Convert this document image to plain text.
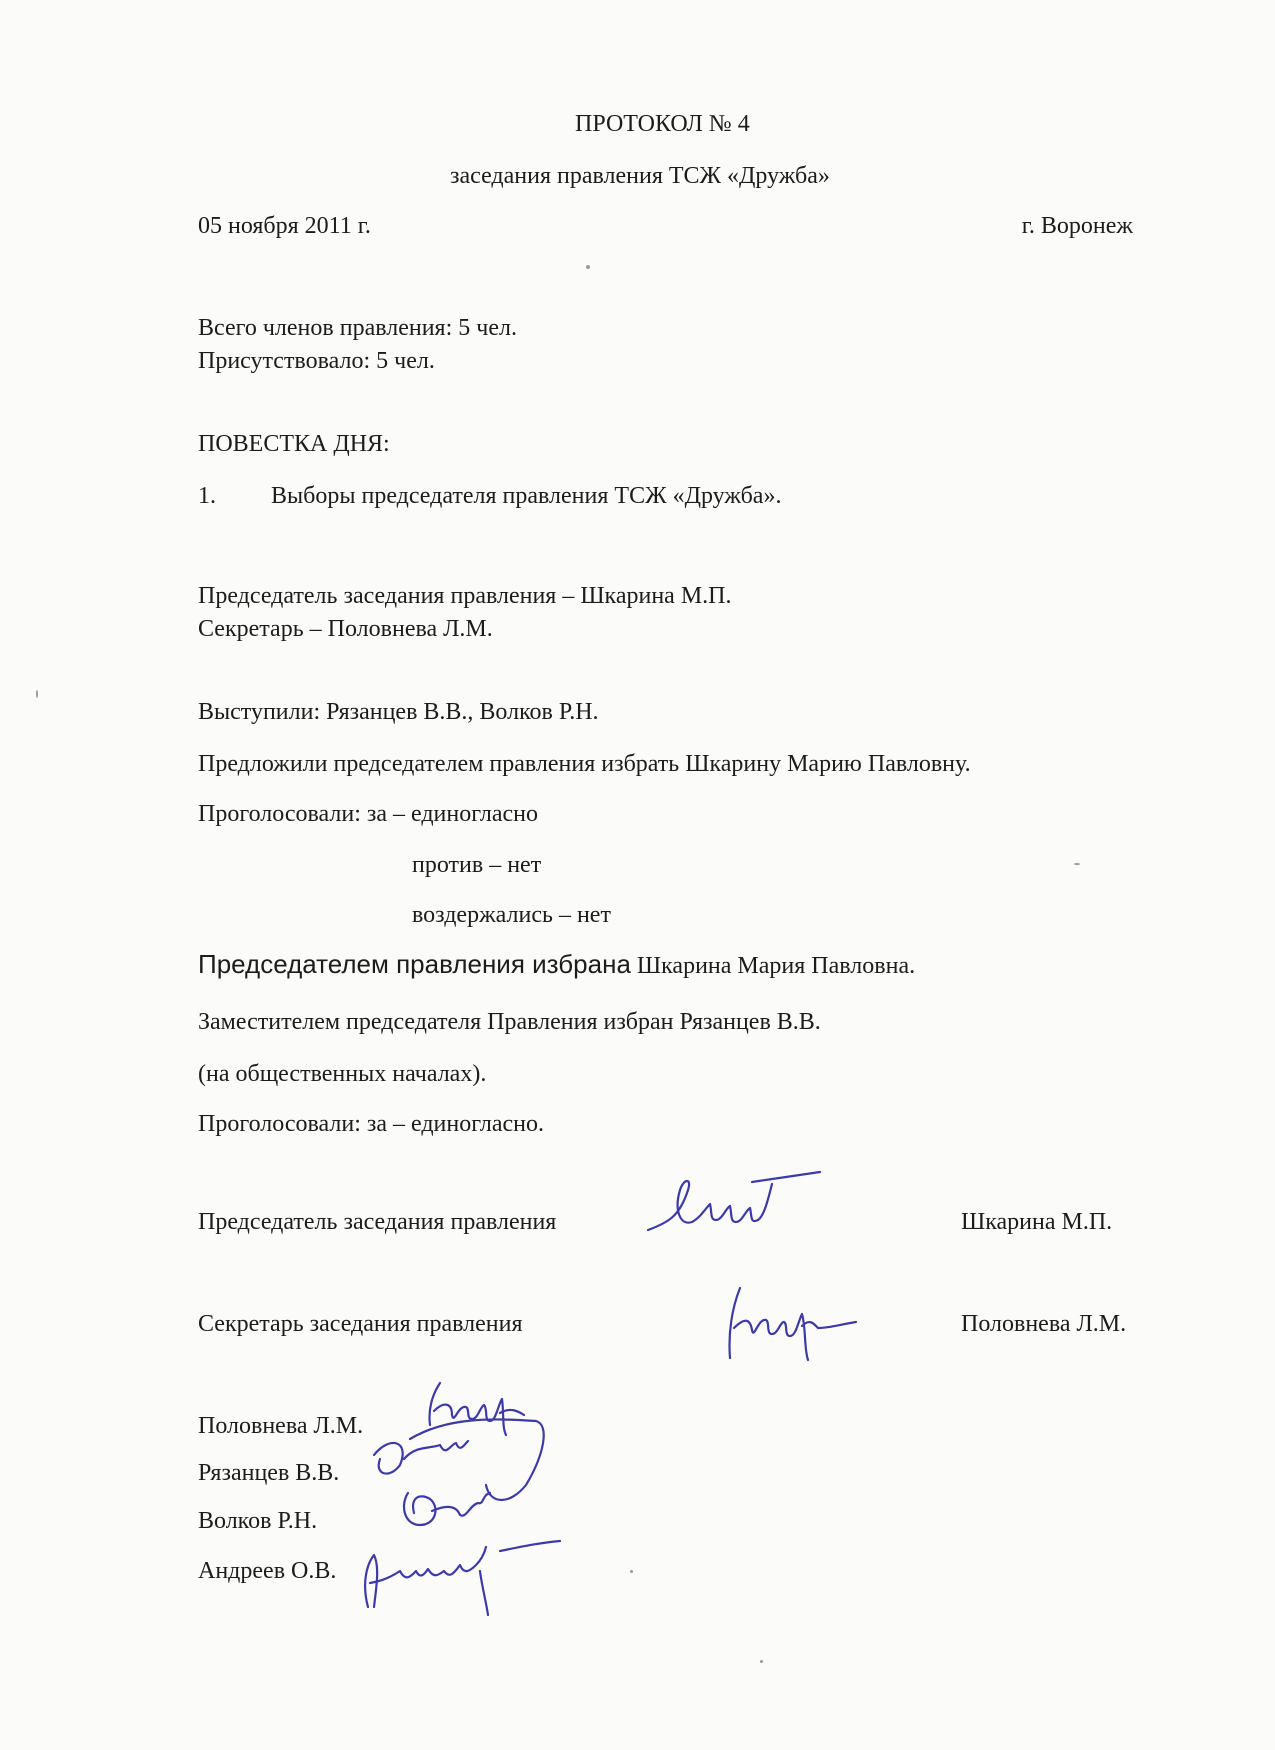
ПРОТОКОЛ № 4
заседания правления ТСЖ «Дружба»
05 ноября 2011 г.	г. Воронеж
Всего членов правления: 5 чел.
Присутствовало: 5 чел.
ПОВЕСТКА ДНЯ:
1. Выборы председателя правления ТСЖ «Дружба».
Председатель заседания правления – Шкарина М.П.
Секретарь – Половнева Л.М.
Выступили: Рязанцев В.В., Волков Р.Н.
Предложили председателем правления избрать Шкарину Марию Павловну.
Проголосовали: за – единогласно
против – нет
воздержались – нет
Председателем правления избрана Шкарина Мария Павловна.
Заместителем председателя Правления избран Рязанцев В.В.
(на общественных началах).
Проголосовали: за – единогласно.
Председатель заседания правления	Шкарина М.П.
Секретарь заседания правления	Половнева Л.М.
Половнева Л.М.
Рязанцев В.В.
Волков Р.Н.
Андреев О.В.
